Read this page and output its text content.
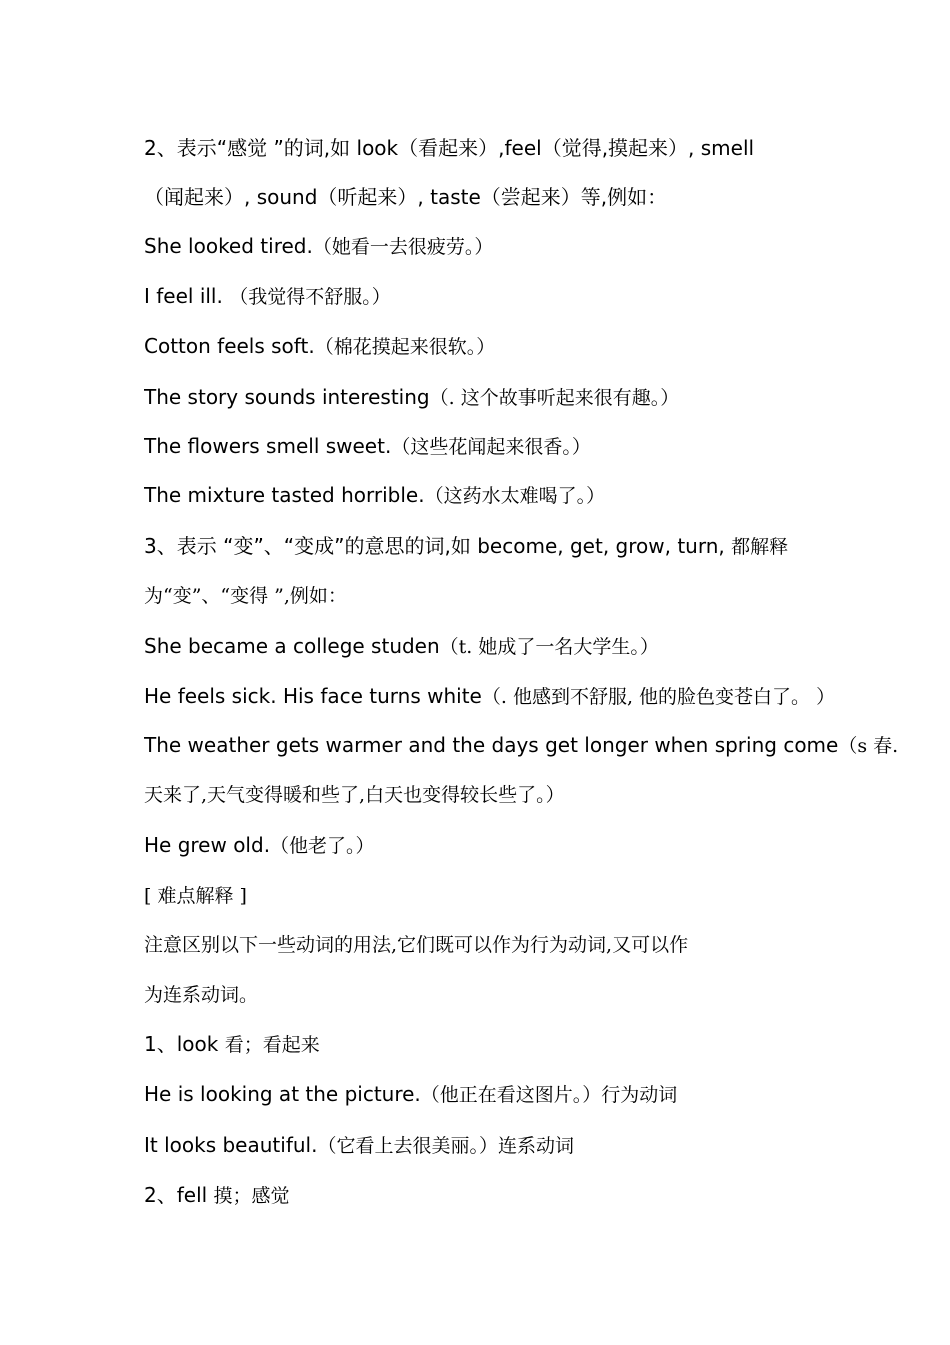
2、表示“感觉 ”的词,如 look（看起来）,feel（觉得,摸起来）, smell
（闻起来）, sound（听起来）, taste（尝起来）等,例如：
She looked tired.（她看一去很疲劳。）
I feel ill. （我觉得不舒服。）
Cotton feels soft.（棉花摸起来很软。）
The story sounds interesting（. 这个故事听起来很有趣。）
The flowers smell sweet.（这些花闻起来很香。）
The mixture tasted horrible.（这药水太难喝了。）
3、表示 “变”、“变成”的意思的词,如 become, get, grow, turn, 都解释
为“变”、“变得 ”,例如：
She became a college studen（t. 她成了一名大学生。）
He feels sick. His face turns white（. 他感到不舒服, 他的脸色变苍白了。 ）
The weather gets warmer and the days get longer when spring come（s 春.
天来了,天气变得暖和些了,白天也变得较长些了。）
He grew old.（他老了。）
[ 难点解释 ]
注意区别以下一些动词的用法,它们既可以作为行为动词,又可以作
为连系动词。
1、look 看；看起来
He is looking at the picture.（他正在看这图片。）行为动词
It looks beautiful.（它看上去很美丽。）连系动词
2、fell 摸；感觉
